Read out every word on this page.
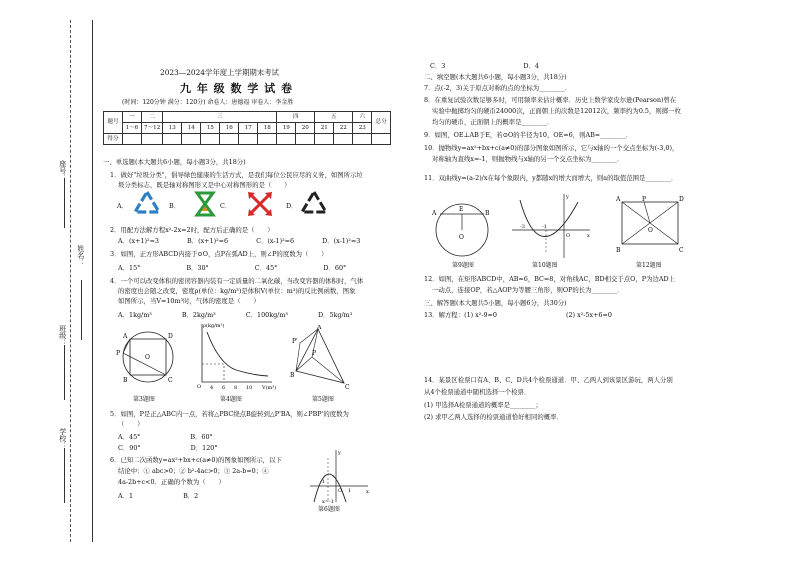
姓名：
座号：
班级：
学校：
2023—2024学年度上学期期末考试
九 年 级 数 学 试 卷
(时间：120分钟 满分：120分) 命卷人：唐德福 审卷人：李金胜
题号	一	二	三						四		五		六	总分
	1～6	7～12	13	14	15	16	17	18	19	20	21	22	23	
得分														
一、单选题(本大题共6小题，每小题3分，共18分)
1．做好"垃圾分类"，倡导绿色健康的生活方式，是我们每位公民应尽的义务，如图所示垃
圾分类标志，既是轴对称图形又是中心对称图形的是（　　）
A．	B．	C．	D．
2．用配方法解方程x²-2x=2时，配方后正确的是（　　）
A．(x+1)²=3	B．(x+1)²=6	C．(x-1)²=6	D．(x-1)²=3
3．如图，正方形ABCD内接于⊙O，点P在弧AD上，则∠P的度数为（　　）
A．15°	B．30°	C．45°	D．60°
4．一个可以改变体积的密闭容器内装有一定质量的二氧化碳，当改变容器的体积时，气体
的密度也会随之改变，密度ρ(单位：kg/m³)是体积V(单位：m³)的反比例函数，图象
如图所示，当V=10m³时，气体的密度是（　　）
A．1kg/m³	B．2kg/m³	C．100kg/m³	D．5kg/m³
A	D
B	C
O
P
第3题图
ρ(kg/m³)
V(m³)
O 4 6 8 10
第4题图
A
P'
P
B
C
第5题图
5．如图，P是正△ABC内一点，若将△PBC绕点B旋转到△P'BA，则∠PBP'的度数为
（　　）
A．45°	B．60°
C．90°	D．120°
6．已知二次函数y=ax²+bx+c(a≠0)的图象如图所示，以下
结论中：① abc>0；② b²-4ac>0；③ 2a-b=0；④
4a-2b+c<0．正确的个数为（　　）
A．1	B．2
y
x
O
-1
1
x=-1
第6题图
C．3	D．4
二、填空题(本大题共6小题，每小题3分，共18分)
7．点(-2，3)关于原点对称的点的坐标为________．
8．在重复试验次数足够多时，可用频率来估计概率．历史上数学家皮尔逊(Pearson)曾在
实验中抛掷均匀的硬币24000次，正面朝上的次数是12012次，频率约为0.5，则掷一枚
均匀的硬币，正面朝上的概率是________．
9．如图，OE⊥AB于E，若⊙O的半径为10，OE=6，则AB=________．
10．抛物线y=ax²+bx+c(a≠0)的部分图象如图所示，它与x轴的一个交点坐标为(-3,0)，
对称轴为直线x=-1，则抛物线与x轴的另一个交点坐标为________．
11．双曲线y=(a-2)/x在每个象限内，y都随x的增大而增大，则a的取值范围是________．
A
E
B
O
第9题图
y
x
-3	-1
O
第10题图
A	P	D
O
B	C
第12题图
12．如图，在矩形ABCD中，AB=6，BC=8，对角线AC，BD相交于点O，P为边AD上
一动点，连接OP，若△AOP为等腰三角形，则OP的长为________．
三、解答题(本大题共5小题，每小题6分，共30分)
13．解方程：(1) x²-9=0	(2) x²-5x+6=0
14．某景区检票口有A、B、C、D共4个检票通道．甲、乙两人到该景区游玩，两人分别
从4个检票通道中随机选择一个检票．
(1) 甲选择A检票通道的概率是________；
(2) 求甲乙两人选择的检票通道恰好相同的概率．
